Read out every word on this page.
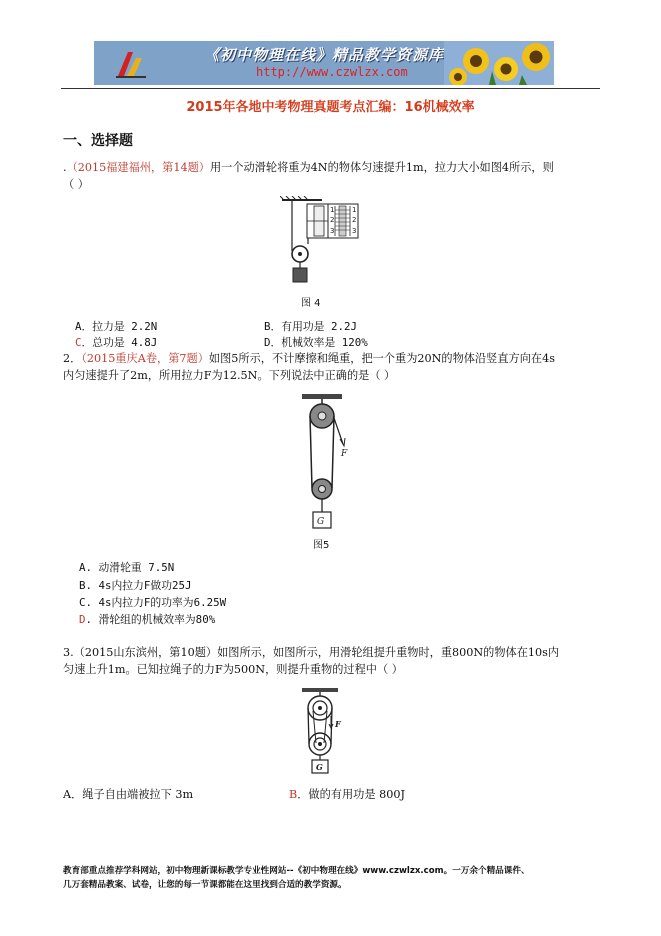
《初中物理在线》精品教学资源库
http://www.czwlzx.com
2015年各地中考物理真题考点汇编：16机械效率
一、选择题
.（2015福建福州，第14题）用一个动滑轮将重为4N的物体匀速提升1m，拉力大小如图4所示，则
（ ）
1
2
3
1
2
3
图 4
A．拉力是 2.2N	B．有用功是 2.2J
C．总功是 4.8J	D．机械效率是 120%
2．（2015重庆A卷，第7题）如图5所示，不计摩擦和绳重，把一个重为20N的物体沿竖直方向在4s
内匀速提升了2m，所用拉力F为12.5N。下列说法中正确的是（ ）
F
G
图5
A. 动滑轮重 7.5N
B. 4s内拉力F做功25J
C. 4s内拉力F的功率为6.25W
D. 滑轮组的机械效率为80%
3.（2015山东滨州，第10题）如图所示，如图所示，用滑轮组提升重物时，重800N的物体在10s内
匀速上升1m。已知拉绳子的力F为500N，则提升重物的过程中（ ）
F
G
A．绳子自由端被拉下 3m	B．做的有用功是 800J
教育部重点推荐学科网站，初中物理新课标教学专业性网站--《初中物理在线》www.czwlzx.com。一万余个精品课件、
几万套精品教案、试卷，让您的每一节课都能在这里找到合适的教学资源。
